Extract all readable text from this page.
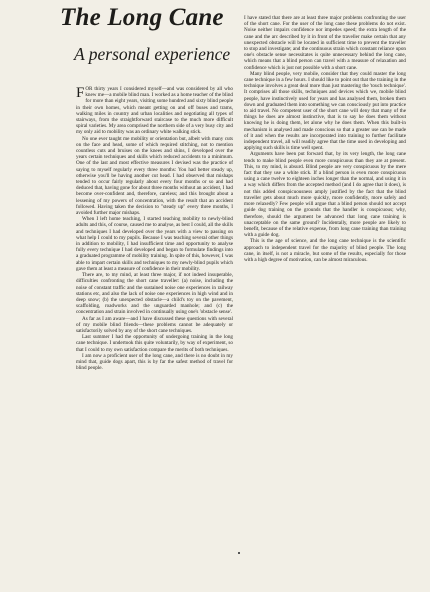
The Long Cane
A personal experience

FOR thirty years I considered myself—and was considered by all who knew me—a mobile blind man. I worked as a home teacher of the blind for more than eight years, visiting some hundred and sixty blind people in their own homes, which meant getting on and off buses and trams, walking miles in country and urban localities and negotiating all types of stairways, from the straightforward staircase to the much more difficult spiral varieties. My area comprised the northern side of a very busy city and my only aid to mobility was an ordinary white walking stick.

No one ever taught me mobility or orientation but, albeit with many cuts on the face and head, some of which required stitching, not to mention countless cuts and bruises on the knees and shins, I developed over the years certain techniques and skills which reduced accidents to a minimum. One of the last and most effective measures I devised was the practice of saying to myself regularly every three months: You had better steady up, otherwise you'll be having another cut head. I had observed that mishaps tended to occur fairly regularly about every four months or so and had deduced that, having gone for about three months without an accident, I had become over-confident and, therefore, careless; and this brought about a lessening of my powers of concentration, with the result that an accident followed. Having taken the decision to "steady up" every three months, I avoided further major mishaps.

When I left home teaching, I started teaching mobility to newly-blind adults and this, of course, caused me to analyse, as best I could, all the skills and techniques I had developed over the years with a view to passing on what help I could to my pupils. Because I was teaching several other things in addition to mobility, I had insufficient time and opportunity to analyse fully every technique I had developed and began to formulate findings into a graduated programme of mobility training. In spite of this, however, I was able to impart certain skills and techniques to my newly-blind pupils which gave them at least a measure of confidence in their mobility.

There are, to my mind, at least three major, if not indeed insuperable, difficulties confronting the short cane traveller: (a) noise, including the noise of constant traffic and the sustained noise one experiences in railway stations etc, and also the lack of noise one experiences in high wind and in deep snow; (b) the unexpected obstacle—a child's toy on the pavement, scaffolding, roadworks and the unguarded manhole; and (c) the concentration and strain involved in continually using one's 'obstacle sense'.

As far as I am aware—and I have discussed these questions with several of my mobile blind friends—these problems cannot be adequately or satisfactorily solved by any of the short cane techniques.

Last summer I had the opportunity of undergoing training in the long cane technique. I undertook this quite voluntarily, by way of experiment, so that I could to my own satisfaction compare the merits of both techniques.

I am now a proficient user of the long cane, and there is no doubt in my mind that, guide dogs apart, this is by far the safest method of travel for blind people.

I have stated that there are at least three major problems confronting the user of the short cane. For the user of the long cane these problems do not exist. Noise neither impairs confidence nor impedes speed; the extra length of the cane and the arc described by it in front of the traveller make certain that any unexpected obstacle will be located in sufficient time to prevent the traveller to stop and investigate; and the continuous strain which constant reliance upon one's obstacle sense necessitates is quite unnecessary behind the long cane, which means that a blind person can travel with a measure of relaxation and confidence which is just not possible with a short cane.

Many blind people, very mobile, consider that they could master the long cane technique in a few hours. I should like to point out that the training in the technique involves a great deal more than just mastering the 'touch technique'. It comprises all those skills, techniques and devices which we, mobile blind people, have instinctively used for years and has analysed them, broken them down and graduated them into something we can consciously put into practice to aid travel. No competent user of the short cane will deny that many of the things he does are almost instinctive, that is to say he does them without knowing he is doing them, let alone why he does them. When this built-in mechanism is analysed and made conscious so that a greater use can be made of it and when the results are incorporated into training to further facilitate independent travel, all will readily agree that the time used in developing and applying such skills is time well spent.

Arguments have been put forward that, by its very length, the long cane tends to make blind people even more conspicuous than they are at present. This, to my mind, is absurd. Blind people are very conspicuous by the mere fact that they use a white stick. If a blind person is even more conspicuous using a cane twelve to eighteen inches longer than the normal, and using it in a way which differs from the accepted method (and I do agree that it does), is not this added conspicuousness amply justified by the fact that the blind traveller gets about much more quickly, more confidently, more safely and more relaxedly? Few people will argue that a blind person should not accept guide dog training on the grounds that the handler is conspicuous; why, therefore, should the argument be advanced that long cane training is unacceptable on the same ground? Incidentally, more people are likely to benefit, because of the relative expense, from long cane training than training with a guide dog.

This is the age of science, and the long cane technique is the scientific approach to independent travel for the majority of blind people. The long cane, in itself, is not a miracle, but some of the results, especially for those with a high degree of motivation, can be almost miraculous.
